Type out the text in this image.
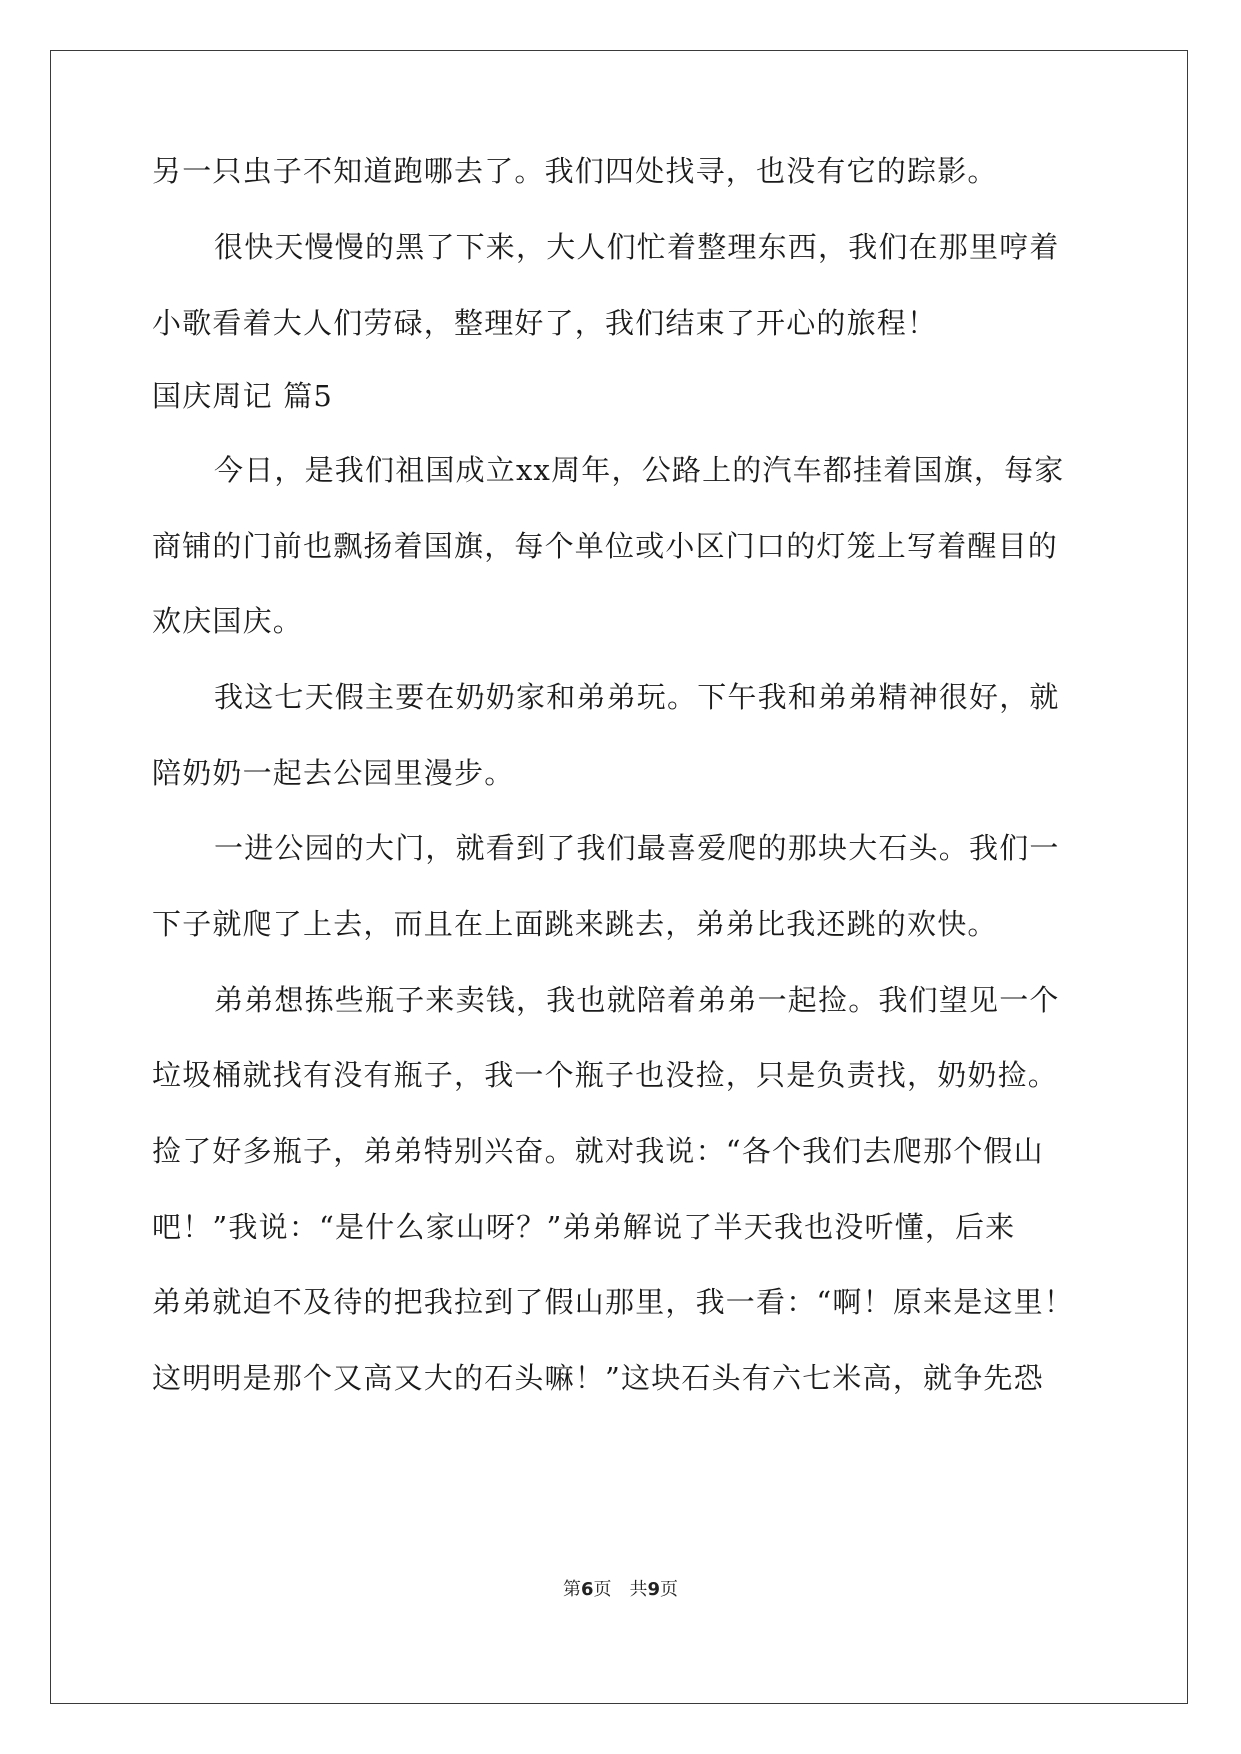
另一只虫子不知道跑哪去了。我们四处找寻，也没有它的踪影。
很快天慢慢的黑了下来，大人们忙着整理东西，我们在那里哼着
小歌看着大人们劳碌，整理好了，我们结束了开心的旅程！
国庆周记 篇5
今日，是我们祖国成立xx周年，公路上的汽车都挂着国旗，每家
商铺的门前也飘扬着国旗，每个单位或小区门口的灯笼上写着醒目的
欢庆国庆。
我这七天假主要在奶奶家和弟弟玩。下午我和弟弟精神很好，就
陪奶奶一起去公园里漫步。
一进公园的大门，就看到了我们最喜爱爬的那块大石头。我们一
下子就爬了上去，而且在上面跳来跳去，弟弟比我还跳的欢快。
弟弟想拣些瓶子来卖钱，我也就陪着弟弟一起捡。我们望见一个
垃圾桶就找有没有瓶子，我一个瓶子也没捡，只是负责找，奶奶捡。
捡了好多瓶子，弟弟特别兴奋。就对我说：“各个我们去爬那个假山
吧！”我说：“是什么家山呀？”弟弟解说了半天我也没听懂，后来
弟弟就迫不及待的把我拉到了假山那里，我一看：“啊！原来是这里！
这明明是那个又高又大的石头嘛！”这块石头有六七米高，就争先恐
第6页 共9页
